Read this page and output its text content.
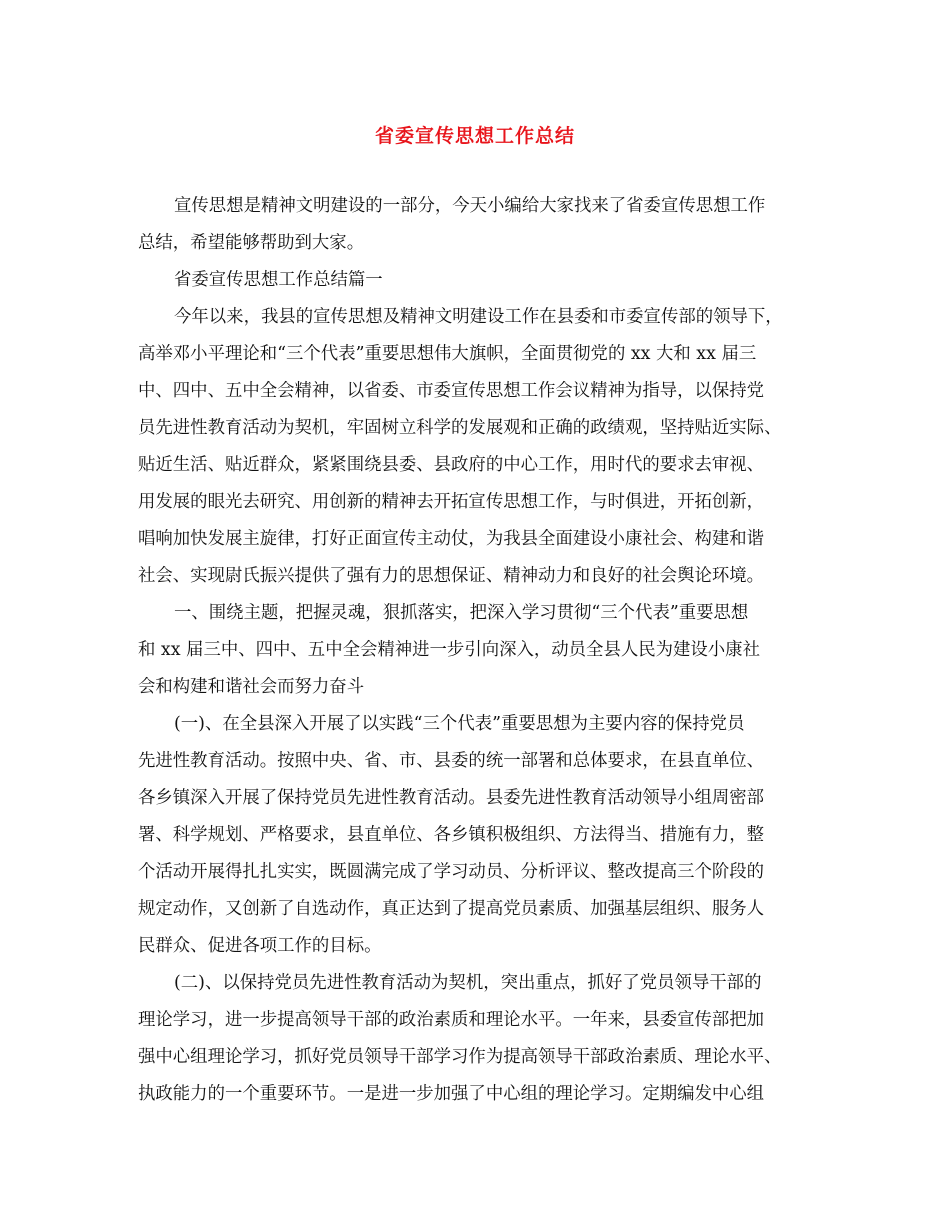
省委宣传思想工作总结
宣传思想是精神文明建设的一部分，今天小编给大家找来了省委宣传思想工作
总结，希望能够帮助到大家。
省委宣传思想工作总结篇一
今年以来，我县的宣传思想及精神文明建设工作在县委和市委宣传部的领导下，
高举邓小平理论和“三个代表”重要思想伟大旗帜，全面贯彻党的 xx 大和 xx 届三
中、四中、五中全会精神，以省委、市委宣传思想工作会议精神为指导，以保持党
员先进性教育活动为契机，牢固树立科学的发展观和正确的政绩观，坚持贴近实际、
贴近生活、贴近群众，紧紧围绕县委、县政府的中心工作，用时代的要求去审视、
用发展的眼光去研究、用创新的精神去开拓宣传思想工作，与时俱进，开拓创新，
唱响加快发展主旋律，打好正面宣传主动仗，为我县全面建设小康社会、构建和谐
社会、实现尉氏振兴提供了强有力的思想保证、精神动力和良好的社会舆论环境。
一、围绕主题，把握灵魂，狠抓落实，把深入学习贯彻“三个代表”重要思想
和 xx 届三中、四中、五中全会精神进一步引向深入，动员全县人民为建设小康社
会和构建和谐社会而努力奋斗
(一)、在全县深入开展了以实践“三个代表”重要思想为主要内容的保持党员
先进性教育活动。按照中央、省、市、县委的统一部署和总体要求，在县直单位、
各乡镇深入开展了保持党员先进性教育活动。县委先进性教育活动领导小组周密部
署、科学规划、严格要求，县直单位、各乡镇积极组织、方法得当、措施有力，整
个活动开展得扎扎实实，既圆满完成了学习动员、分析评议、整改提高三个阶段的
规定动作，又创新了自选动作，真正达到了提高党员素质、加强基层组织、服务人
民群众、促进各项工作的目标。
(二)、以保持党员先进性教育活动为契机，突出重点，抓好了党员领导干部的
理论学习，进一步提高领导干部的政治素质和理论水平。一年来，县委宣传部把加
强中心组理论学习，抓好党员领导干部学习作为提高领导干部政治素质、理论水平、
执政能力的一个重要环节。一是进一步加强了中心组的理论学习。定期编发中心组
